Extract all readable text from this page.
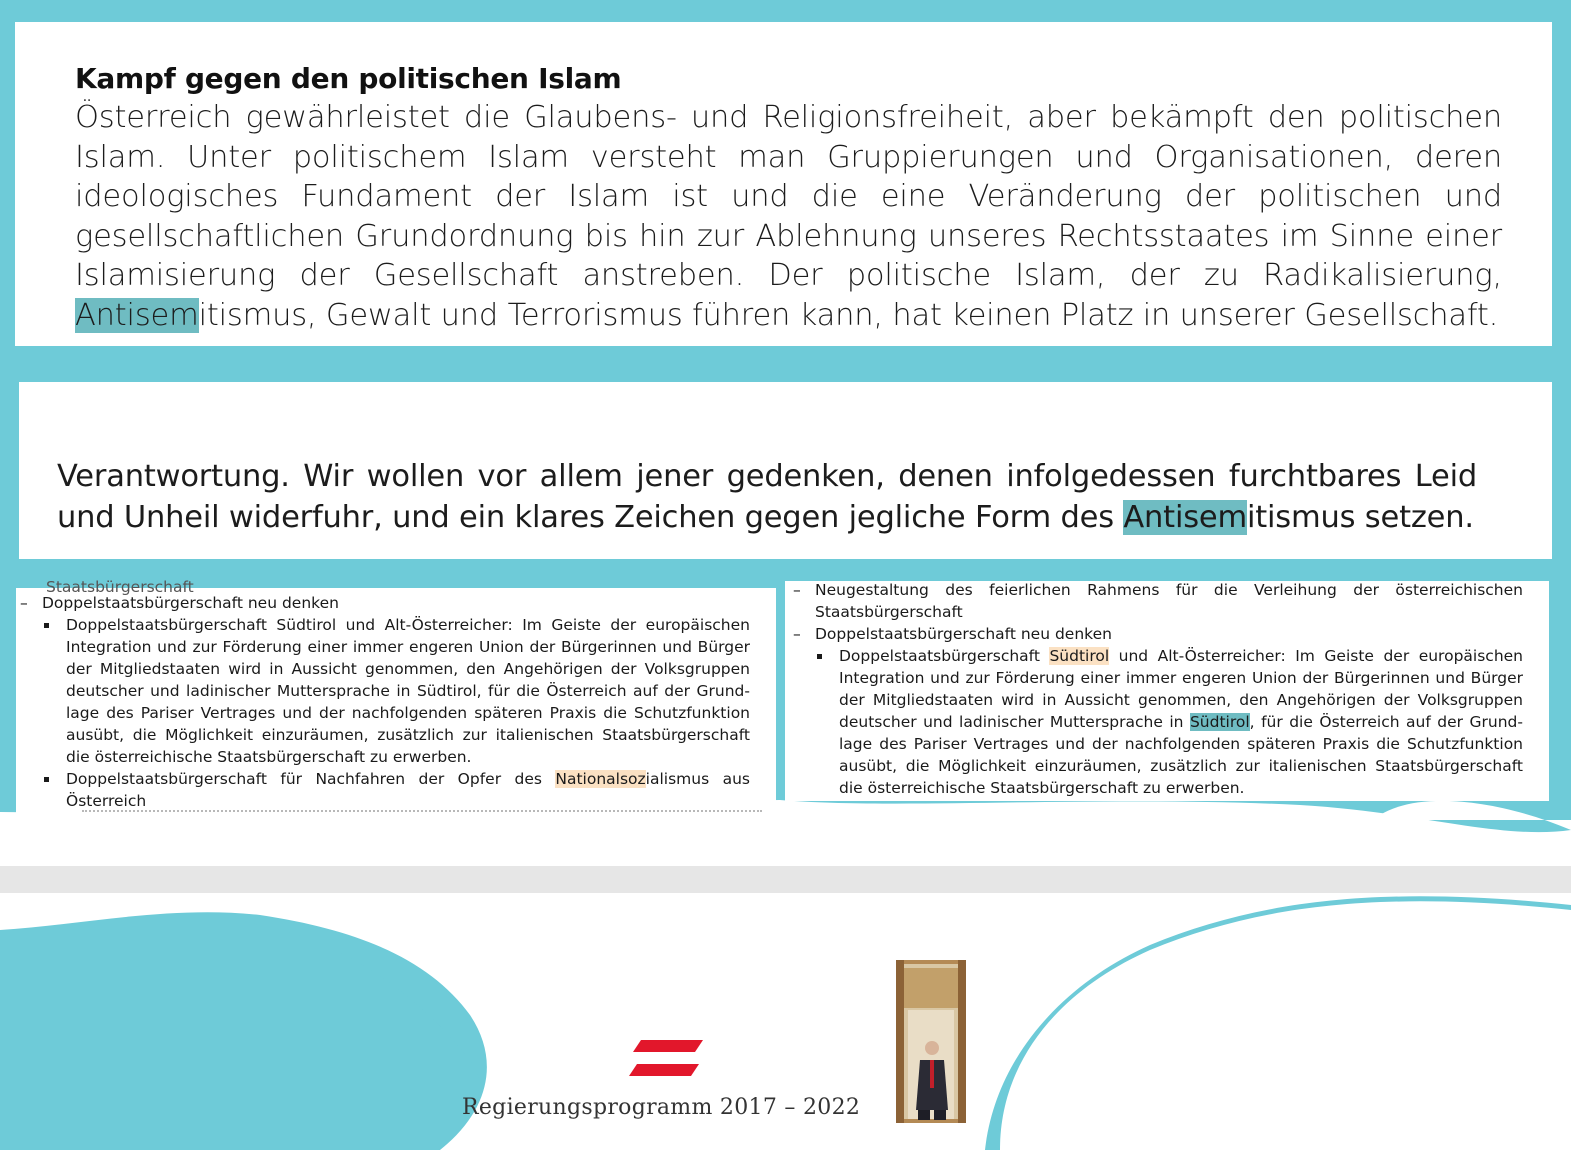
Kampf gegen den politischen Islam
Österreich gewährleistet die Glaubens- und Religionsfreiheit, aber bekämpft den politischen Islam. Unter politischem Islam versteht man Gruppierungen und Organisationen, deren ideologisches Fundament der Islam ist und die eine Veränderung der politischen und gesellschaftlichen Grundordnung bis hin zur Ablehnung unseres Rechtsstaates im Sinne einer Islamisierung der Gesellschaft anstreben. Der politische Islam, der zu Radikalisierung, Antisemitismus, Gewalt und Terrorismus führen kann, hat keinen Platz in unserer Gesellschaft.
Verantwortung. Wir wollen vor allem jener gedenken, denen infolgedessen furchtbares Leid und Unheil widerfuhr, und ein klares Zeichen gegen jegliche Form des Antisemitismus setzen.
Staatsbürgerschaft
– Doppelstaatsbürgerschaft neu denken
Doppelstaatsbürgerschaft Südtirol und Alt-Österreicher: Im Geiste der europäischen Integration und zur Förderung einer immer engeren Union der Bürgerinnen und Bürger der Mitgliedstaaten wird in Aussicht genommen, den Angehörigen der Volksgruppen deutscher und ladinischer Muttersprache in Südtirol, für die Österreich auf der Grundlage des Pariser Vertrages und der nachfolgenden späteren Praxis die Schutzfunktion ausübt, die Möglichkeit einzuräumen, zusätzlich zur italienischen Staatsbürgerschaft die österreichische Staatsbürgerschaft zu erwerben.
Doppelstaatsbürgerschaft für Nachfahren der Opfer des Nationalsozialismus aus Österreich
– Neugestaltung des feierlichen Rahmens für die Verleihung der österreichischen Staatsbürgerschaft
– Doppelstaatsbürgerschaft neu denken
Doppelstaatsbürgerschaft Südtirol und Alt-Österreicher: Im Geiste der europäischen Integration und zur Förderung einer immer engeren Union der Bürgerinnen und Bürger der Mitgliedstaaten wird in Aussicht genommen, den Angehörigen der Volksgruppen deutscher und ladinischer Muttersprache in Südtirol, für die Österreich auf der Grundlage des Pariser Vertrages und der nachfolgenden späteren Praxis die Schutzfunktion ausübt, die Möglichkeit einzuräumen, zusätzlich zur italienischen Staatsbürgerschaft die österreichische Staatsbürgerschaft zu erwerben.
Regierungsprogramm 2017 – 2022
